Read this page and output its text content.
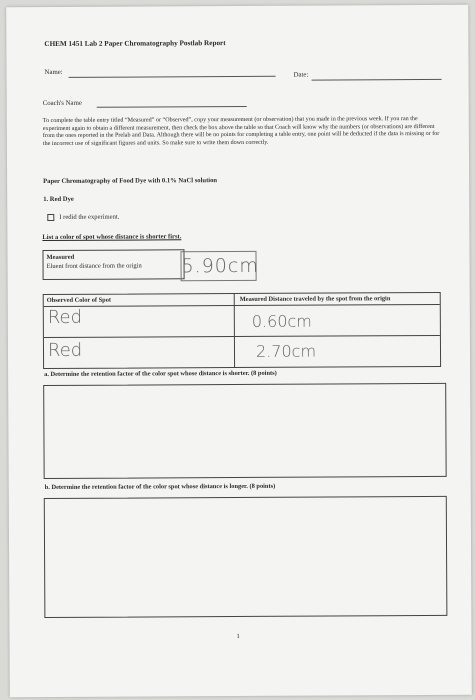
CHEM 1451 Lab 2 Paper Chromatography Postlab Report
Name:	Date:
Coach's Name
To complete the table entry titled “Measured” or “Observed”, copy your measurement (or observation) that you made in the previous week. If you ran the experiment again to obtain a different measurement, then check the box above the table so that Coach will know why the numbers (or observations) are different from the ones reported in the Prelab and Data. Although there will be no points for completing a table entry, one point will be deducted if the data is missing or for the incorrect use of significant figures and units. So make sure to write them down correctly.
Paper Chromatography of Food Dye with 0.1% NaCl solution
1. Red Dye
I redid the experiment.
List a color of spot whose distance is shorter first.
Measured
Eluent front distance from the origin 5.90cm
Observed Color of Spot	Measured Distance traveled by the spot from the origin
Red	0.60cm
Red	2.70cm
a. Determine the retention factor of the color spot whose distance is shorter. (8 points)
b. Determine the retention factor of the color spot whose distance is longer. (8 points)
1
